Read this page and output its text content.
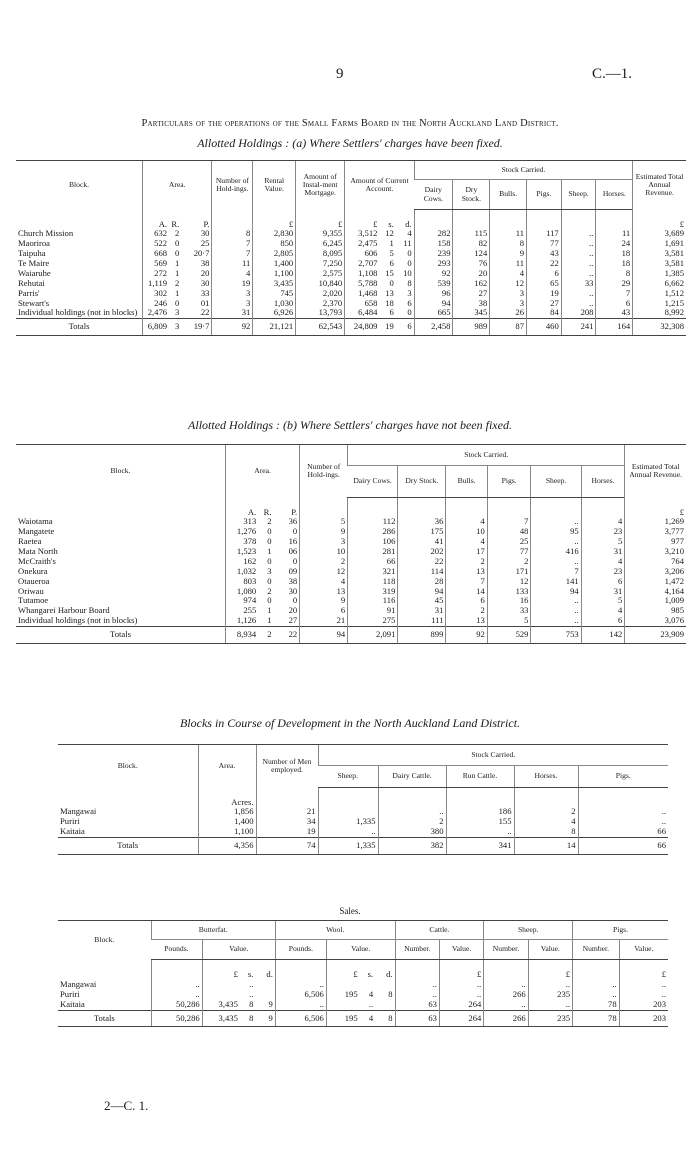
9	C.—1.
Particulars of the operations of the Small Farms Board in the North Auckland Land District.
Allotted Holdings : (a) Where Settlers' charges have been fixed.
Block.	Area.			Number of Hold-ings.	Rental Value.	Amount of Instal-ment Mortgage.	Amount of Current Account.			Stock Carried.						Estimated Total Annual Revenue.
										Dairy Cows.	Dry Stock.	Bulls.	Pigs.	Sheep.	Horses.	
	A.	R.	P.		£	£	£	s.	d.							£
Church Mission	632	2	30	8	2,830	9,355	3,512	12	4	282	115	11	117	..	11	3,689
Maoriroa	522	0	25	7	850	6,245	2,475	1	11	158	82	8	77	..	24	1,691
Taipuha	668	0	20·7	7	2,805	8,095	606	5	0	239	124	9	43	..	18	3,581
Te Maire	569	1	38	11	1,400	7,250	2,707	6	0	293	76	11	22	..	18	3,581
Waiaruhe	272	1	20	4	1,100	2,575	1,108	15	10	92	20	4	6	..	8	1,385
Rehutai	1,119	2	30	19	3,435	10,840	5,788	0	8	539	162	12	65	33	29	6,662
Parris'	302	1	33	3	745	2,020	1,468	13	3	96	27	3	19	..	7	1,512
Stewart's	246	0	01	3	1,030	2,370	658	18	6	94	38	3	27	..	6	1,215
Individual holdings (not in blocks)	2,476	3	22	31	6,926	13,793	6,484	6	0	665	345	26	84	208	43	8,992
Totals	6,809	3	19·7	92	21,121	62,543	24,809	19	6	2,458	989	87	460	241	164	32,308
Allotted Holdings : (b) Where Settlers' charges have not been fixed.
Block.	Area.			Number of Hold-ings.	Stock Carried.						Estimated Total Annual Revenue.
					Dairy Cows.	Dry Stock.	Bulls.	Pigs.	Sheep.	Horses.	
	A.	R.	P.								£
Waiotama	313	2	36	5	112	36	4	7	..	4	1,269
Mangatete	1,276	0	0	9	286	175	10	48	95	23	3,777
Raetea	378	0	16	3	106	41	4	25	..	5	977
Mata North	1,523	1	06	10	281	202	17	77	416	31	3,210
McCraith's	162	0	0	2	66	22	2	2	..	4	764
Onekura	1,032	3	09	12	321	114	13	171	7	23	3,206
Otaueroa	803	0	38	4	118	28	7	12	141	6	1,472
Oriwau	1,080	2	30	13	319	94	14	133	94	31	4,164
Tutamoe	974	0	0	9	116	45	6	16	..	5	1,009
Whangarei Harbour Board	255	1	20	6	91	31	2	33	..	4	985
Individual holdings (not in blocks)	1,126	1	27	21	275	111	13	5	..	6	3,076
Totals	8,934	2	22	94	2,091	899	92	529	753	142	23,909
Blocks in Course of Development in the North Auckland Land District.
Block.	Area.	Number of Men employed.	Stock Carried.				
			Sheep.	Dairy Cattle.	Run Cattle.	Horses.	Pigs.
	Acres.						
Mangawai	1,856	21		..	186	2	..
Puriri	1,400	34	1,335	2	155	4	..
Kaitaia	1,100	19	..	380	..	8	66
Totals	4,356	74	1,335	382	341	14	66
Sales.
Block.	Butterfat.				Wool.				Cattle.		Sheep.		Pigs.	
	Pounds.	Value.			Pounds.	Value.			Number.	Value.	Number.	Value.	Number.	Value.
		£	s.	d.		£	s.	d.		£		£		£
Mangawai	..		..		..				..	..	..	..	..	..
Puriri	..		..		6,506	195	4	8	..	..	266	235	..	..
Kaitaia	50,286	3,435	8	9	..		..		63	264	..	..	78	203
Totals	50,286	3,435	8	9	6,506	195	4	8	63	264	266	235	78	203
2—C. 1.
